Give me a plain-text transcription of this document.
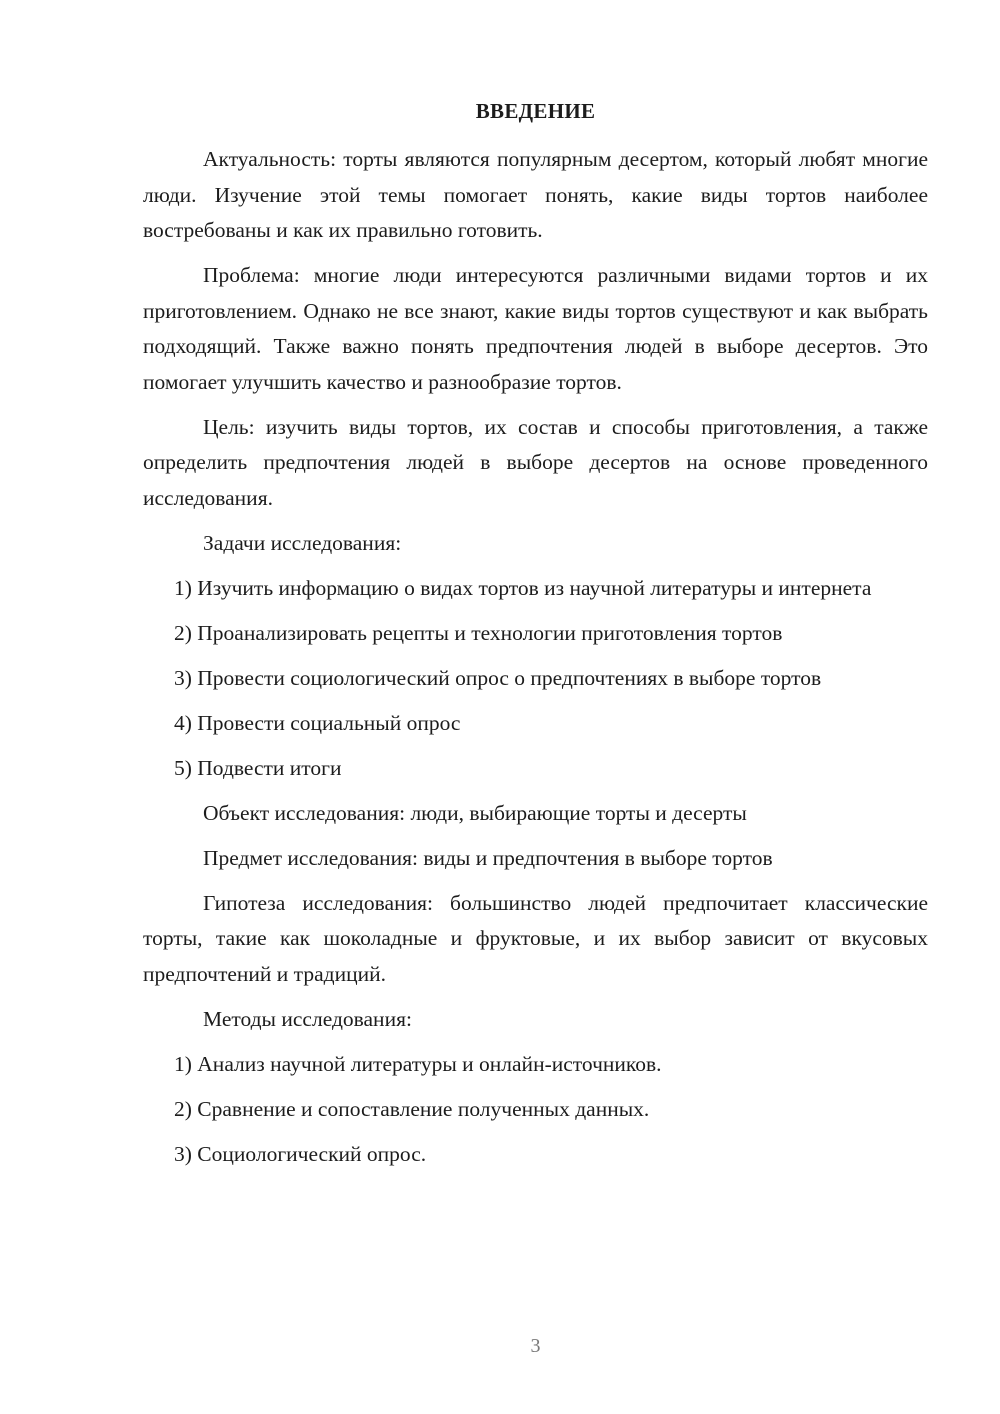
ВВЕДЕНИЕ

Актуальность: торты являются популярным десертом, который любят многие люди. Изучение этой темы помогает понять, какие виды тортов наиболее востребованы и как их правильно готовить.

Проблема: многие люди интересуются различными видами тортов и их приготовлением. Однако не все знают, какие виды тортов существуют и как выбрать подходящий. Также важно понять предпочтения людей в выборе десертов. Это помогает улучшить качество и разнообразие тортов.

Цель: изучить виды тортов, их состав и способы приготовления, а также определить предпочтения людей в выборе десертов на основе проведенного исследования.

Задачи исследования:

1) Изучить информацию о видах тортов из научной литературы и интернета

2) Проанализировать рецепты и технологии приготовления тортов

3) Провести социологический опрос о предпочтениях в выборе тортов

4) Провести социальный опрос

5) Подвести итоги

Объект исследования: люди, выбирающие торты и десерты

Предмет исследования: виды и предпочтения в выборе тортов

Гипотеза исследования: большинство людей предпочитает классические торты, такие как шоколадные и фруктовые, и их выбор зависит от вкусовых предпочтений и традиций.

Методы исследования:

1) Анализ научной литературы и онлайн-источников.

2) Сравнение и сопоставление полученных данных.

3) Социологический опрос.

3
